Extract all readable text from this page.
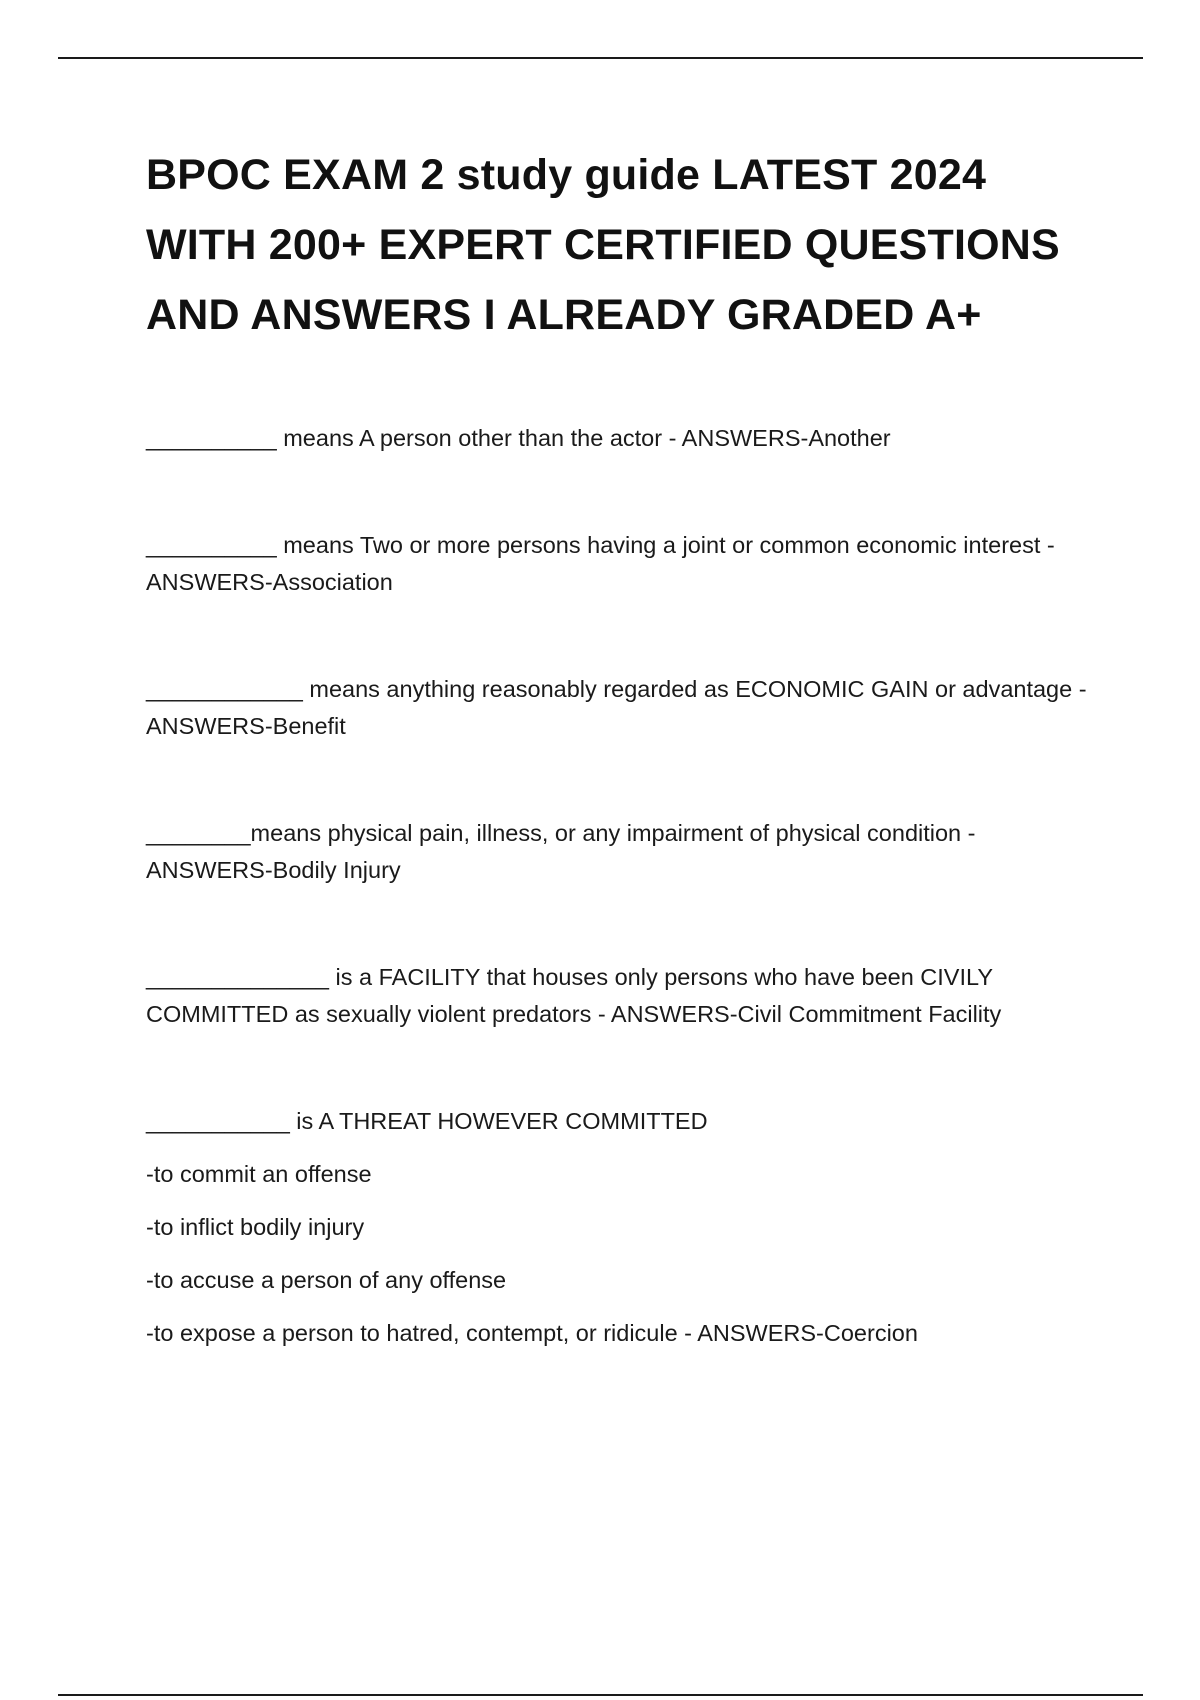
BPOC EXAM 2 study guide LATEST 2024 WITH 200+ EXPERT CERTIFIED QUESTIONS AND ANSWERS I ALREADY GRADED A+
__________ means A person other than the actor - ANSWERS-Another
__________ means Two or more persons having a joint or common economic interest - ANSWERS-Association
____________ means anything reasonably regarded as ECONOMIC GAIN or advantage - ANSWERS-Benefit
________means physical pain, illness, or any impairment of physical condition - ANSWERS-Bodily Injury
______________ is a FACILITY that houses only persons who have been CIVILY COMMITTED as sexually violent predators - ANSWERS-Civil Commitment Facility
___________ is A THREAT HOWEVER COMMITTED
-to commit an offense
-to inflict bodily injury
-to accuse a person of any offense
-to expose a person to hatred, contempt, or ridicule - ANSWERS-Coercion
